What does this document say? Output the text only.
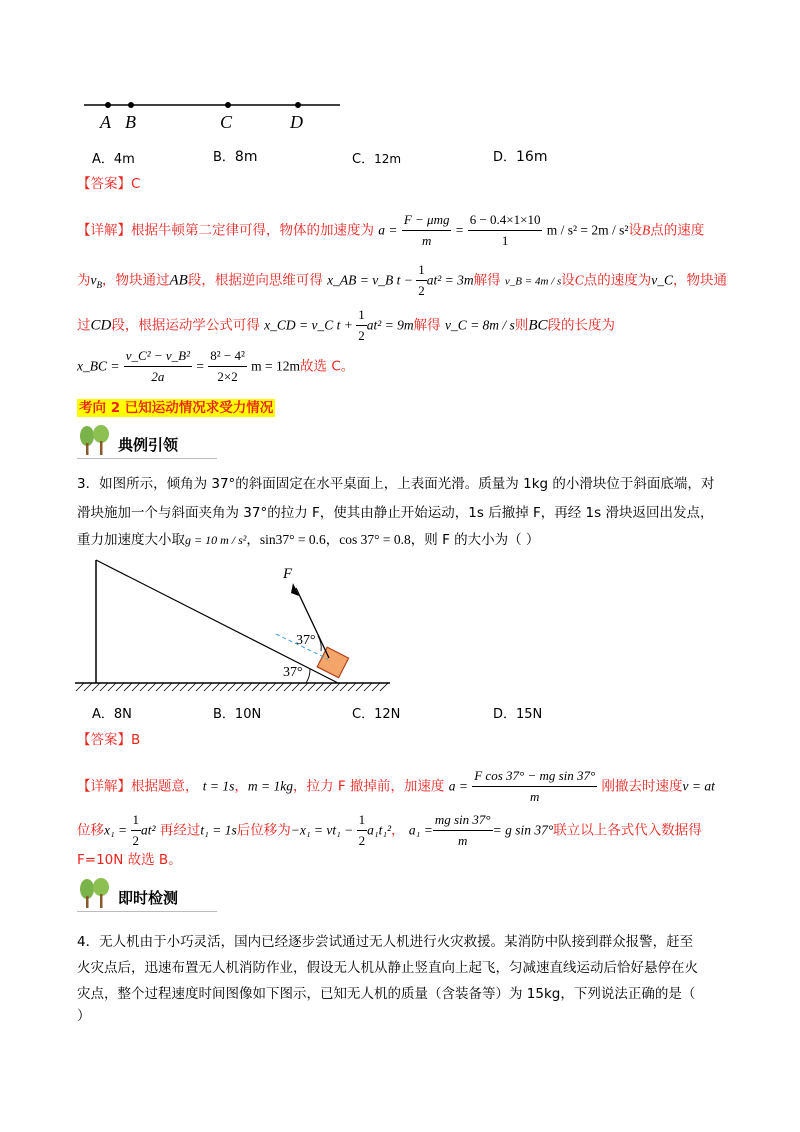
A B	C	D
A．4m	B．8m	C．12m	D．16m
【答案】C
【详解】根据牛顿第二定律可得，物体的加速度为 $a = \frac{\text{F − μmg}}{m} = \frac{6 - 0.4\times 1\times 10}{1}$ m / s² = 2m / s²设B点的速度
为$v_B$，物块通过AB段，根据逆向思维可得 x_AB = v_B $t - \frac{1}{2} at^2 = 3m$解得 v_B = 4m / s设C点的速度为v_C，物块通
过CD段，根据运动学公式可得 x_CD = v_C $t + \frac{1}{2} at^2 = 9m$解得 v_C = 8m / s则BC段的长度为
x_BC = $\frac{\text{v\_C² − v\_B²}}{2a} = \frac{\text{8² − 4²}}{2\times 2}$ m = 12m故选 C。
考向 2 已知运动情况求受力情况
典例引领
3．如图所示，倾角为 37°的斜面固定在水平桌面上，上表面光滑。质量为 1kg 的小滑块位于斜面底端，对
滑块施加一个与斜面夹角为 37°的拉力 F，使其由静止开始运动，1s 后撤掉 F，再经 1s 滑块返回出发点，
重力加速度大小取g = 10 m / s²，sin37° = 0.6，cos 37° = 0.8，则 F 的大小为（ ）
F
37°
37°
A．8N	B．10N	C．12N	D．15N
【答案】B
【详解】根据题意， t = 1s，m = 1kg，拉力 F 撤掉前，加速度 $a = \frac{\text{F cos 37° − mg sin 37°}}{m}$ 刚撤去时速度v = at
位移$x_1 = \frac{1}{2} at^2$ 再经过t₁ = 1s后位移为$-x_1 = vt_1 - \frac{1}{2} a_1t_1^2$， $a_1 = \frac{\text{mg sin 37°}}{m} = g$ sin 37°联立以上各式代入数据得
F=10N 故选 B。
即时检测
4．无人机由于小巧灵活，国内已经逐步尝试通过无人机进行火灾救援。某消防中队接到群众报警，赶至
火灾点后，迅速布置无人机消防作业，假设无人机从静止竖直向上起飞，匀减速直线运动后恰好悬停在火
灾点，整个过程速度时间图像如下图示，已知无人机的质量（含装备等）为 15kg，下列说法正确的是（
）
